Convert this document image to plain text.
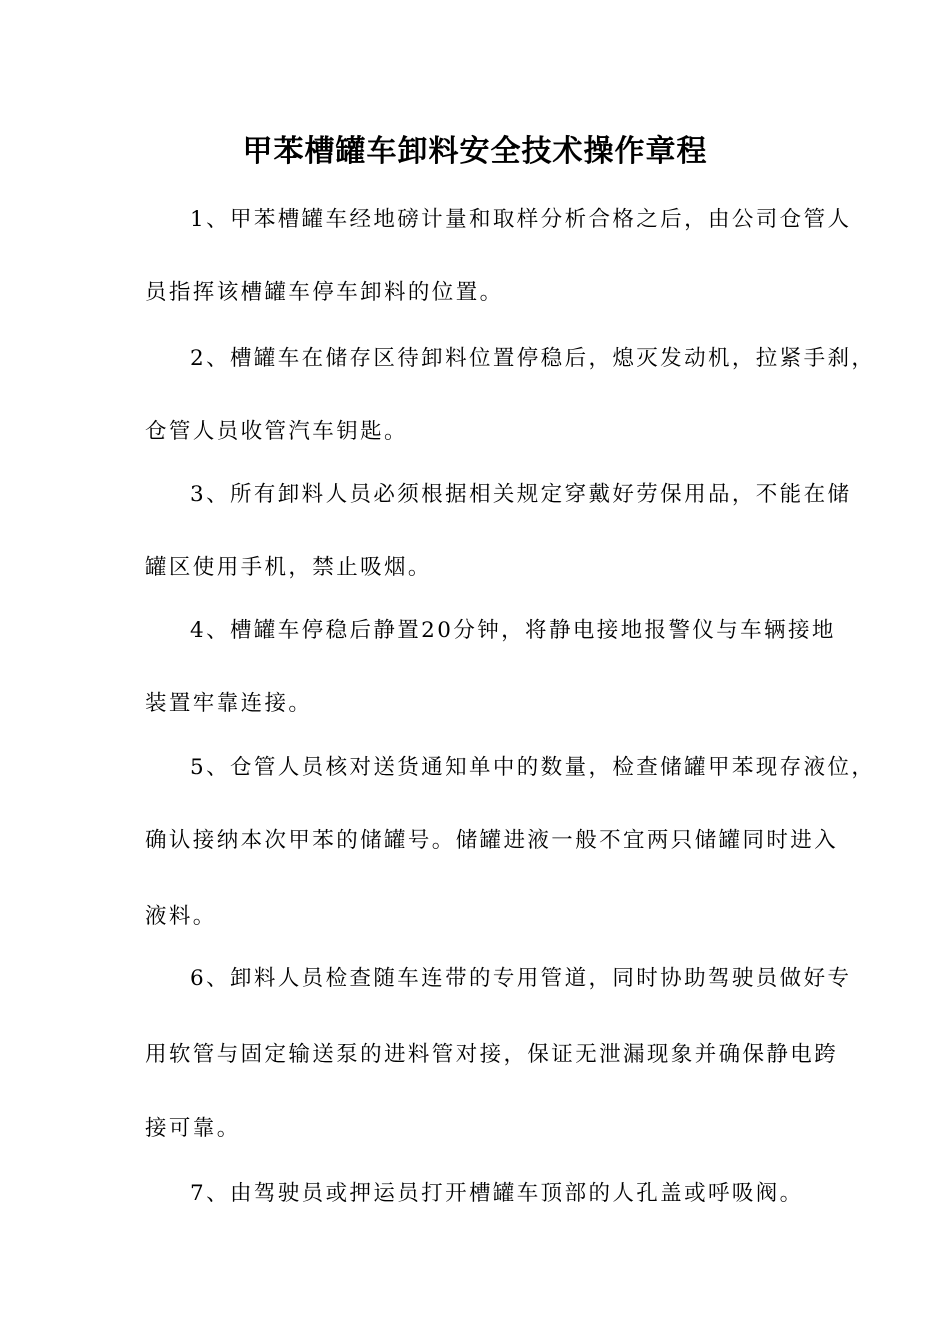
甲苯槽罐车卸料安全技术操作章程
1、甲苯槽罐车经地磅计量和取样分析合格之后，由公司仓管人
员指挥该槽罐车停车卸料的位置。
2、槽罐车在储存区待卸料位置停稳后，熄灭发动机，拉紧手刹，
仓管人员收管汽车钥匙。
3、所有卸料人员必须根据相关规定穿戴好劳保用品，不能在储
罐区使用手机，禁止吸烟。
4、槽罐车停稳后静置20分钟，将静电接地报警仪与车辆接地
装置牢靠连接。
5、仓管人员核对送货通知单中的数量，检查储罐甲苯现存液位，
确认接纳本次甲苯的储罐号。储罐进液一般不宜两只储罐同时进入
液料。
6、卸料人员检查随车连带的专用管道，同时协助驾驶员做好专
用软管与固定输送泵的进料管对接，保证无泄漏现象并确保静电跨
接可靠。
7、由驾驶员或押运员打开槽罐车顶部的人孔盖或呼吸阀。
